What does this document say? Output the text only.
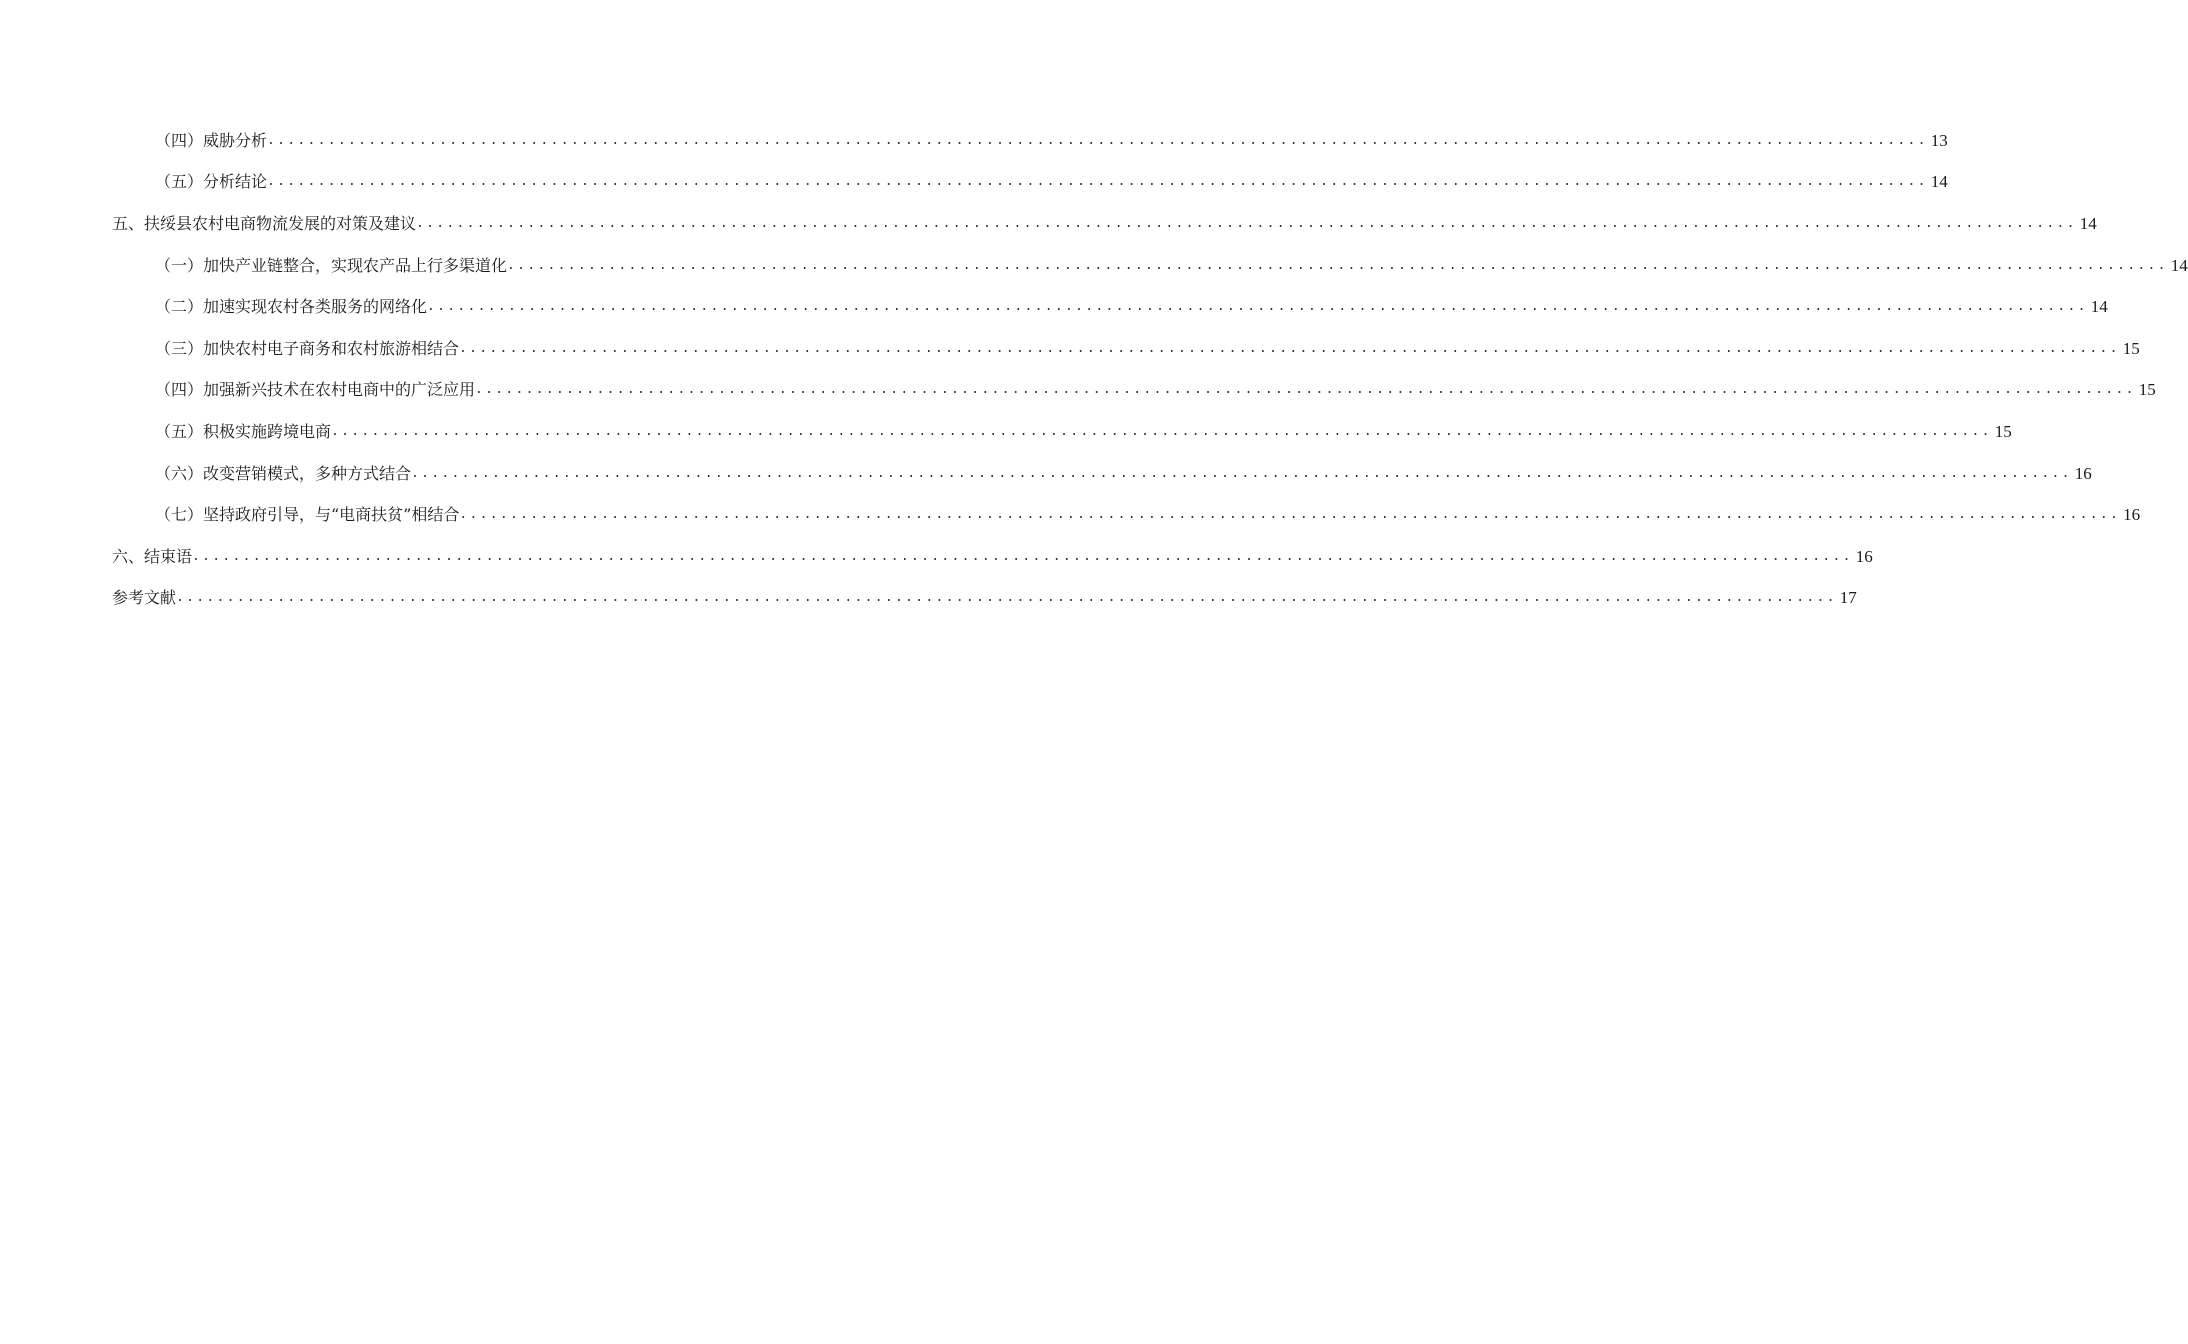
（四）威胁分析 .................................................................................................................................................................... 13
（五）分析结论 .................................................................................................................................................................... 14
五、扶绥县农村电商物流发展的对策及建议 .................................................................................................................................................................... 14
（一）加快产业链整合，实现农产品上行多渠道化 .................................................................................................................................................................... 14
（二）加速实现农村各类服务的网络化 .................................................................................................................................................................... 14
（三）加快农村电子商务和农村旅游相结合 .................................................................................................................................................................... 15
（四）加强新兴技术在农村电商中的广泛应用 .................................................................................................................................................................... 15
（五）积极实施跨境电商 .................................................................................................................................................................... 15
（六）改变营销模式，多种方式结合 .................................................................................................................................................................... 16
（七）坚持政府引导，与“电商扶贫”相结合 .................................................................................................................................................................... 16
六、结束语 .................................................................................................................................................................... 16
参考文献 .................................................................................................................................................................... 17
